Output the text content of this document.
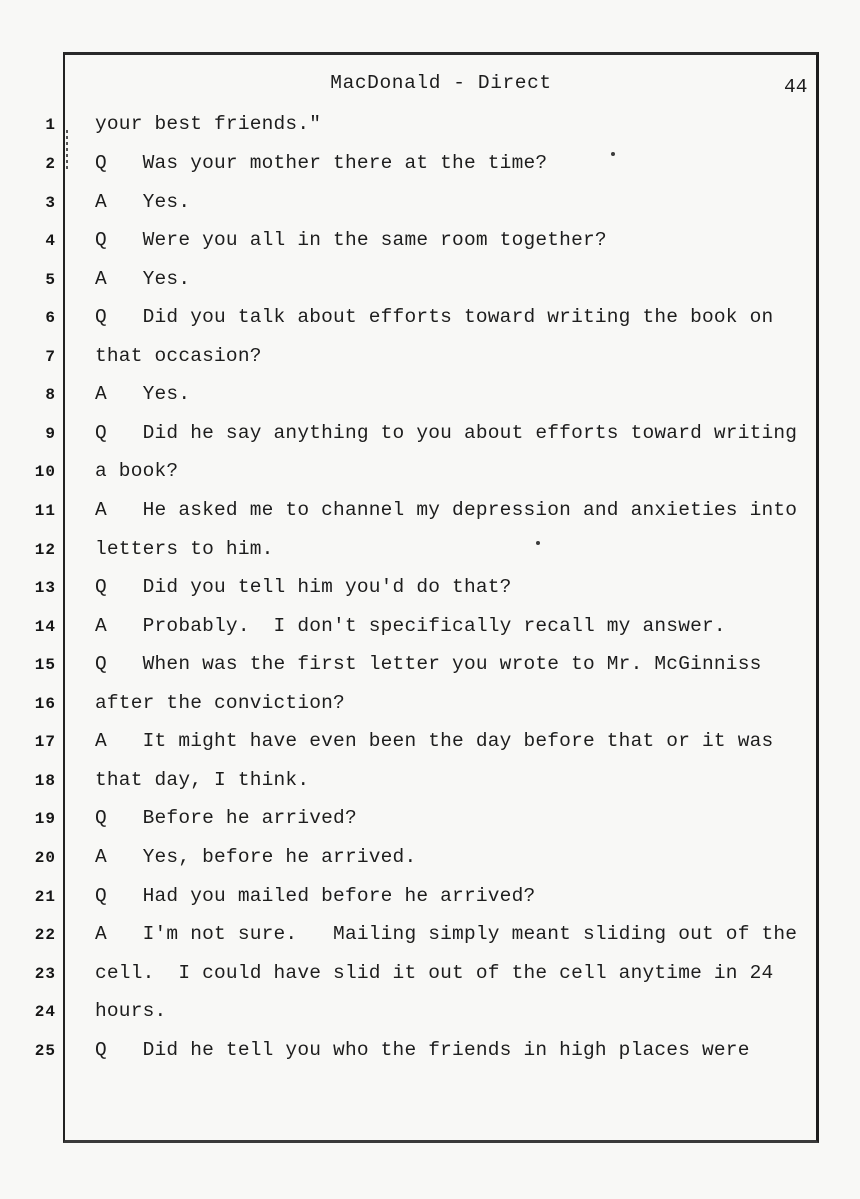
MacDonald - Direct	44
1 your best friends."
2 Q   Was your mother there at the time?
3 A   Yes.
4 Q   Were you all in the same room together?
5 A   Yes.
6 Q   Did you talk about efforts toward writing the book on
7 that occasion?
8 A   Yes.
9 Q   Did he say anything to you about efforts toward writing
10 a book?
11 A   He asked me to channel my depression and anxieties into
12 letters to him.
13 Q   Did you tell him you'd do that?
14 A   Probably.  I don't specifically recall my answer.
15 Q   When was the first letter you wrote to Mr. McGinniss
16 after the conviction?
17 A   It might have even been the day before that or it was
18 that day, I think.
19 Q   Before he arrived?
20 A   Yes, before he arrived.
21 Q   Had you mailed before he arrived?
22 A   I'm not sure.   Mailing simply meant sliding out of the
23 cell.  I could have slid it out of the cell anytime in 24
24 hours.
25 Q   Did he tell you who the friends in high places were
